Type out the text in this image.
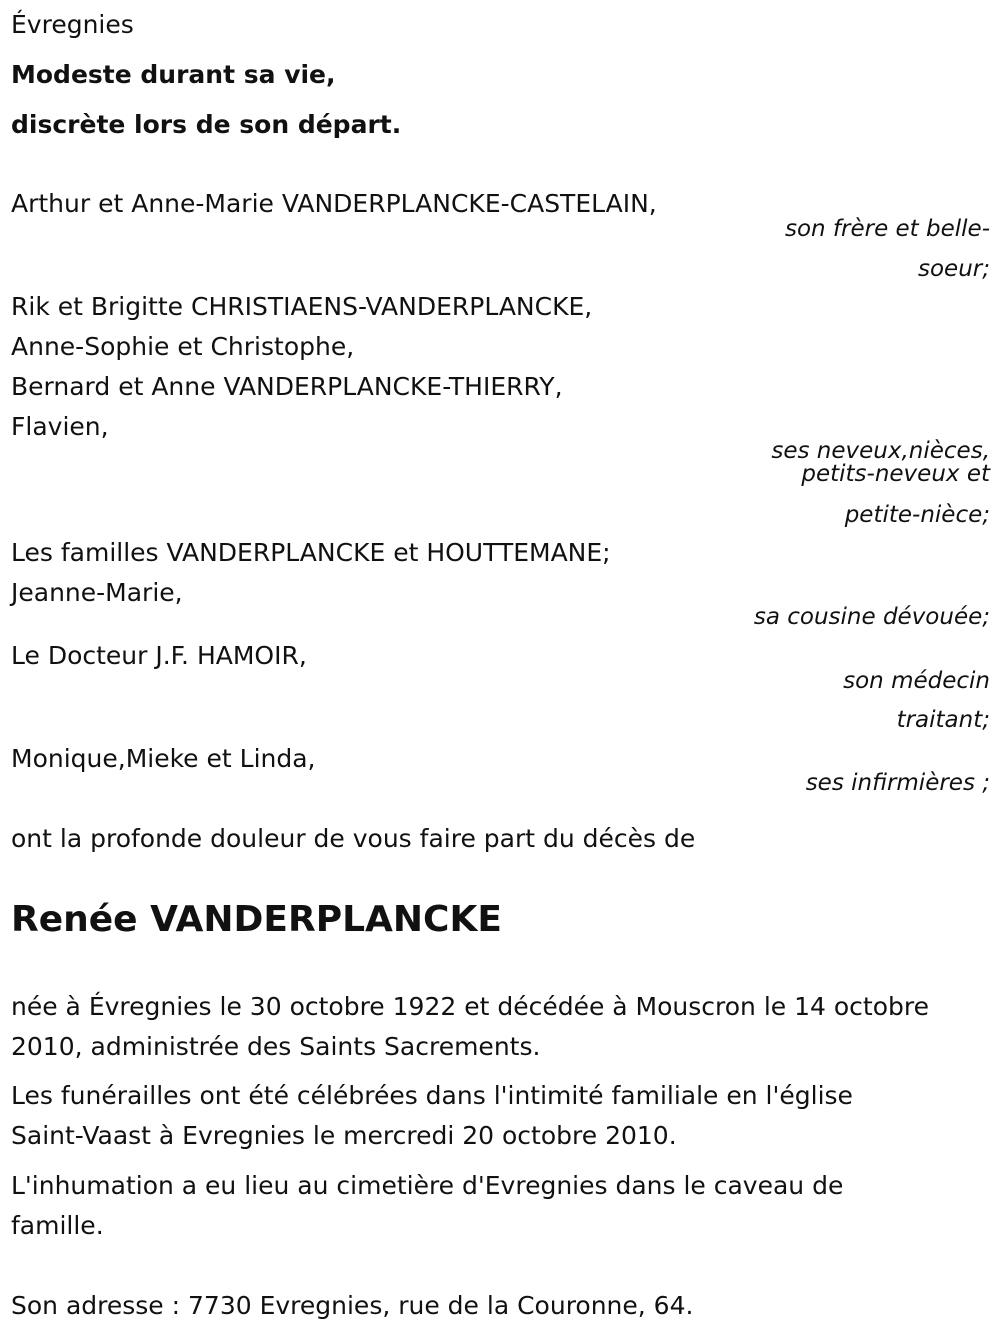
Évregnies
Modeste durant sa vie,
discrète lors de son départ.
Arthur et Anne-Marie VANDERPLANCKE-CASTELAIN,
son frère et belle-
soeur;
Rik et Brigitte CHRISTIAENS-VANDERPLANCKE,
Anne-Sophie et Christophe,
Bernard et Anne VANDERPLANCKE-THIERRY,
Flavien,
ses neveux,nièces,
petits-neveux et
petite-nièce;
Les familles VANDERPLANCKE et HOUTTEMANE;
Jeanne-Marie,
sa cousine dévouée;
Le Docteur J.F. HAMOIR,
son médecin
traitant;
Monique,Mieke et Linda,
ses infirmières ;
ont la profonde douleur de vous faire part du décès de
Renée VANDERPLANCKE
née à Évregnies le 30 octobre 1922 et décédée à Mouscron le 14 octobre
2010, administrée des Saints Sacrements.
Les funérailles ont été célébrées dans l'intimité familiale en l'église
Saint-Vaast à Evregnies le mercredi 20 octobre 2010.
L'inhumation a eu lieu au cimetière d'Evregnies dans le caveau de
famille.
Son adresse : 7730 Evregnies, rue de la Couronne, 64.
